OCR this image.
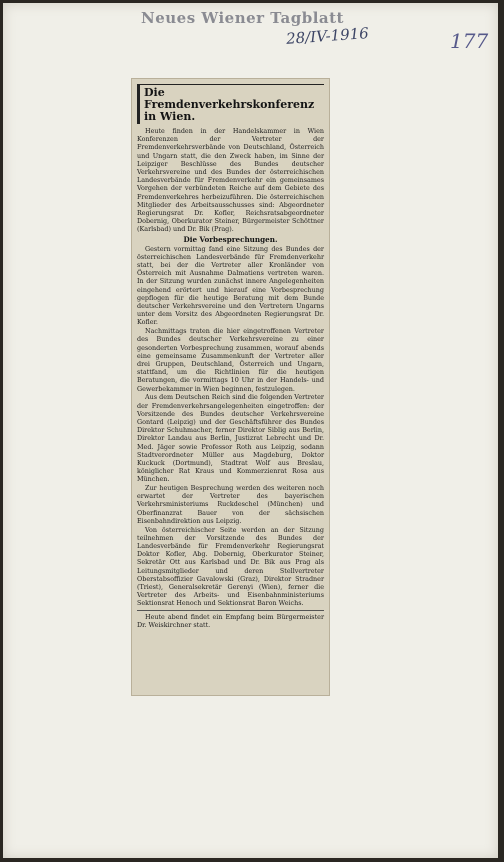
Neues Wiener Tagblatt
28/IV-1916	177
Die Fremdenverkehrskonferenz in Wien.

Heute finden in der Handelskammer in Wien Konferenzen der Vertreter der Fremdenverkehrsverbände von Deutschland, Österreich und Ungarn statt, die den Zweck haben, im Sinne der Leipziger Beschlüsse des Bundes deutscher Verkehrsvereine und des Bundes der österreichischen Landesverbände für Fremdenverkehr ein gemeinsames Vorgehen der verbündeten Reiche auf dem Gebiete des Fremdenverkehres herbeizuführen. Die österreichischen Mitglieder des Arbeitsausschusses sind: Abgeordneter Regierungsrat Dr. Kofler, Reichsratsabgeordneter Dobernig, Oberkurator Steiner, Bürgermeister Schöttner (Karlsbad) und Dr. Bik (Prag).

Die Vorbesprechungen.

Gestern vormittag fand eine Sitzung des Bundes der österreichischen Landesverbände für Fremdenverkehr statt, bei der die Vertreter aller Kronländer von Österreich mit Ausnahme Dalmatiens vertreten waren. In der Sitzung wurden zunächst innere Angelegenheiten eingehend erörtert und hierauf eine Vorbesprechung gepflogen für die heutige Beratung mit dem Bunde deutscher Verkehrsvereine und den Vertretern Ungarns unter dem Vorsitz des Abgeordneten Regierungsrat Dr. Kofler.

Nachmittags traten die hier eingetroffenen Vertreter des Bundes deutscher Verkehrsvereine zu einer gesonderten Vorbesprechung zusammen, worauf abends eine gemeinsame Zusammenkunft der Vertreter aller drei Gruppen, Deutschland, Österreich und Ungarn, stattfand, um die Richtlinien für die heutigen Beratungen, die vormittags 10 Uhr in der Handels- und Gewerbekammer in Wien beginnen, festzulegen.

Aus dem Deutschen Reich sind die folgenden Vertreter der Fremdenverkehrsangelegenheiten eingetroffen: der Vorsitzende des Bundes deutscher Verkehrsvereine Gontard (Leipzig) und der Geschäftsführer des Bundes Direktor Schuhmacher, ferner Direktor Siblig aus Berlin, Direktor Landau aus Berlin, Justizrat Lebrecht und Dr. Med. Jäger sowie Professor Roth aus Leipzig, sodann Stadtverordneter Müller aus Magdeburg, Doktor Kuckuck (Dortmund), Stadtrat Wolf aus Breslau, königlicher Rat Kraus und Kommerzienrat Rosa aus München.

Zur heutigen Besprechung werden des weiteren noch erwartet der Vertreter des bayerischen Verkehrsministeriums Ruckdeschel (München) und Oberfinanzrat Bauer von der sächsischen Eisenbahndirektion aus Leipzig.

Von österreichischer Seite werden an der Sitzung teilnehmen der Vorsitzende des Bundes der Landesverbände für Fremdenverkehr Regierungsrat Doktor Kofler, Abg. Dobernig, Oberkurator Steiner, Sekretär Ott aus Karlsbad und Dr. Bik aus Prag als Leitungsmitglieder und deren Stellvertreter Oberstabsoffizier Gavalowski (Graz), Direktor Stradner (Triest), Generalsekretär Gerenyi (Wien), ferner die Vertreter des Arbeits- und Eisenbahnministeriums Sektionsrat Henoch und Sektionsrat Baron Weichs.

Heute abend findet ein Empfang beim Bürgermeister Dr. Weiskirchner statt.
